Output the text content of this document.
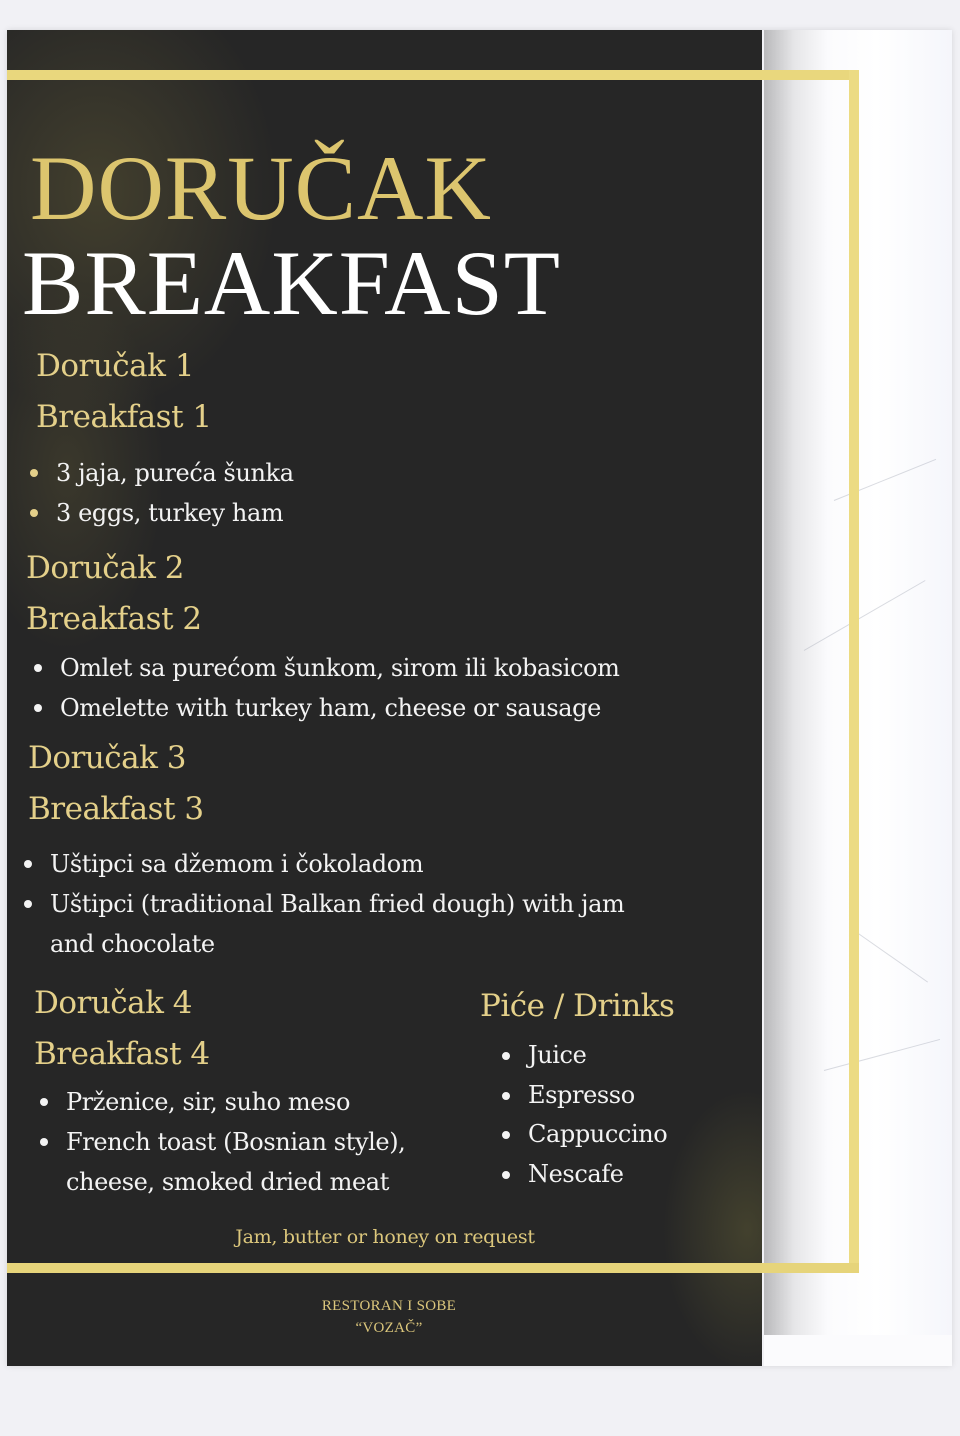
DORUČAK
BREAKFAST
Doručak 1
Breakfast 1
3 jaja, pureća šunka
3 eggs, turkey ham
Doručak 2
Breakfast 2
Omlet sa purećom šunkom, sirom ili kobasicom
Omelette with turkey ham, cheese or sausage
Doručak 3
Breakfast 3
Uštipci sa džemom i čokoladom
Uštipci (traditional Balkan fried dough) with jam
and chocolate
Doručak 4
Breakfast 4
Prženice, sir, suho meso
French toast (Bosnian style),
cheese, smoked dried meat
Piće / Drinks
Juice
Espresso
Cappuccino
Nescafe
Jam, butter or honey on request
RESTORAN I SOBE
“VOZAČ”
